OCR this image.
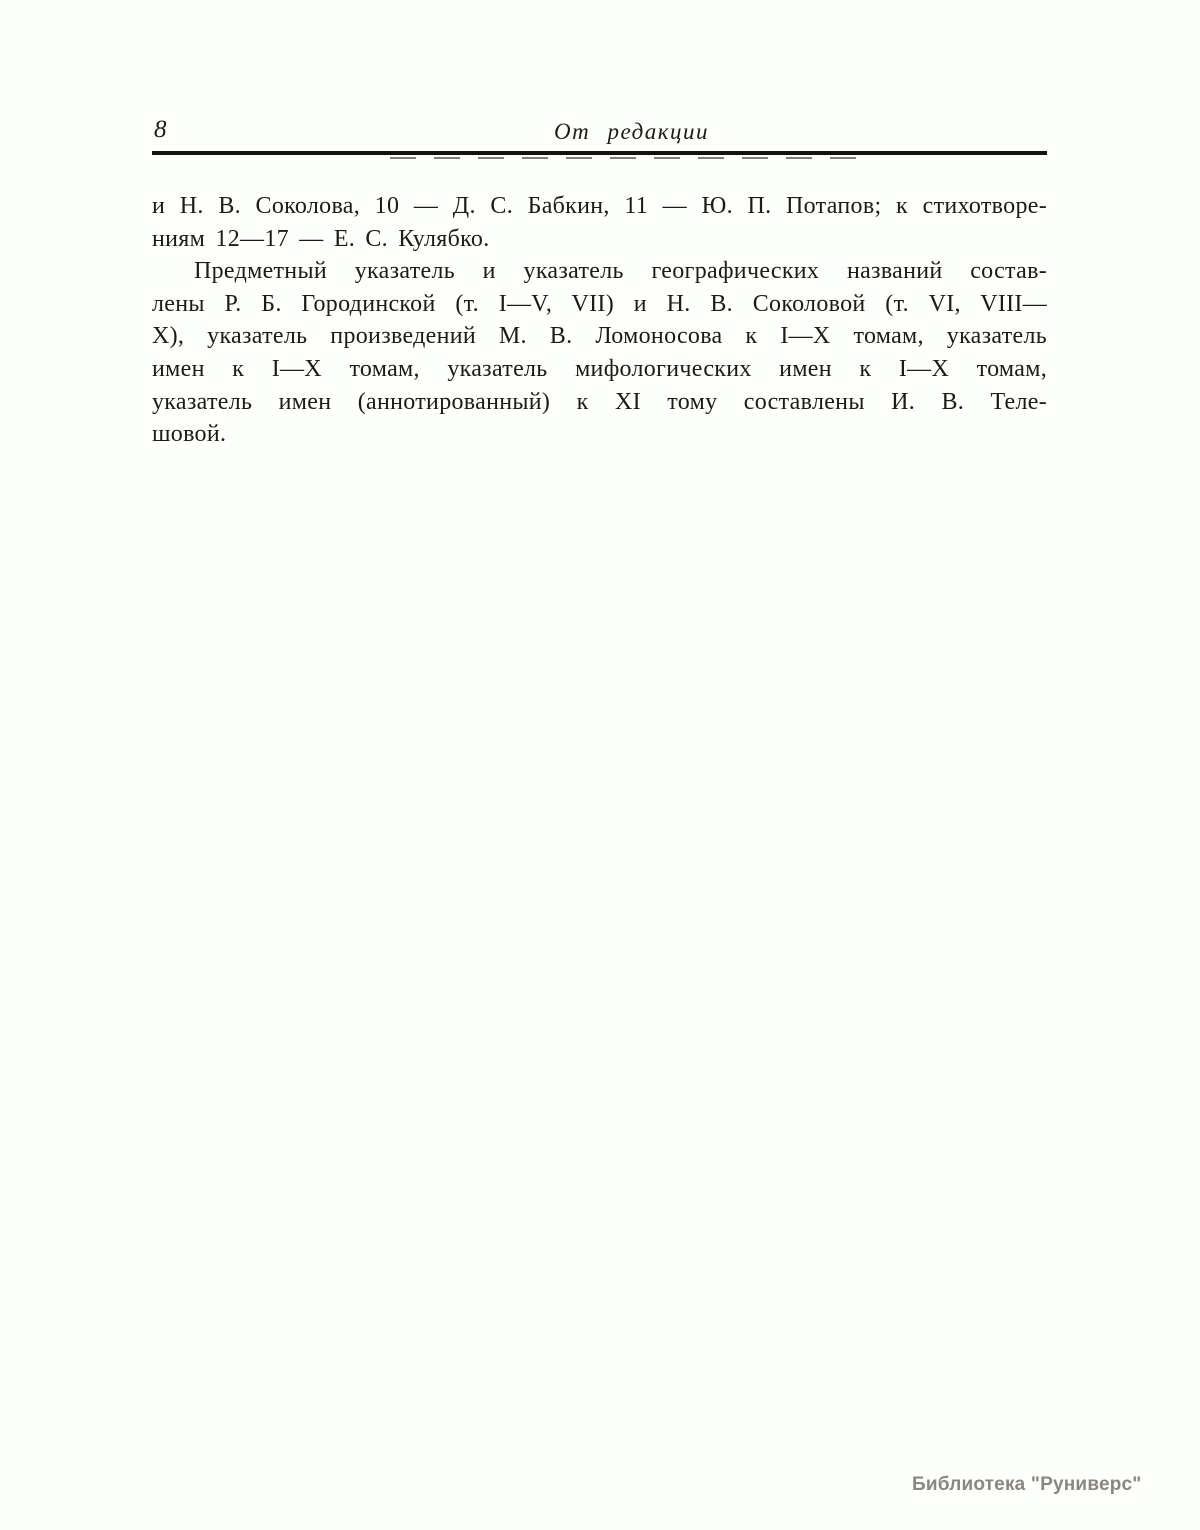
8	От редакции
и Н. В. Соколова, 10 — Д. С. Бабкин, 11 — Ю. П. Потапов; к стихотворе-
ниям 12—17 — Е. С. Кулябко.
Предметный указатель и указатель географических названий состав-
лены Р. Б. Городинской (т. I—V, VII) и Н. В. Соколовой (т. VI, VIII—
X), указатель произведений М. В. Ломоносова к I—X томам, указатель
имен к I—X томам, указатель мифологических имен к I—X томам,
указатель имен (аннотированный) к XI тому составлены И. В. Теле-
шовой.
Библиотека "Руниверс"
